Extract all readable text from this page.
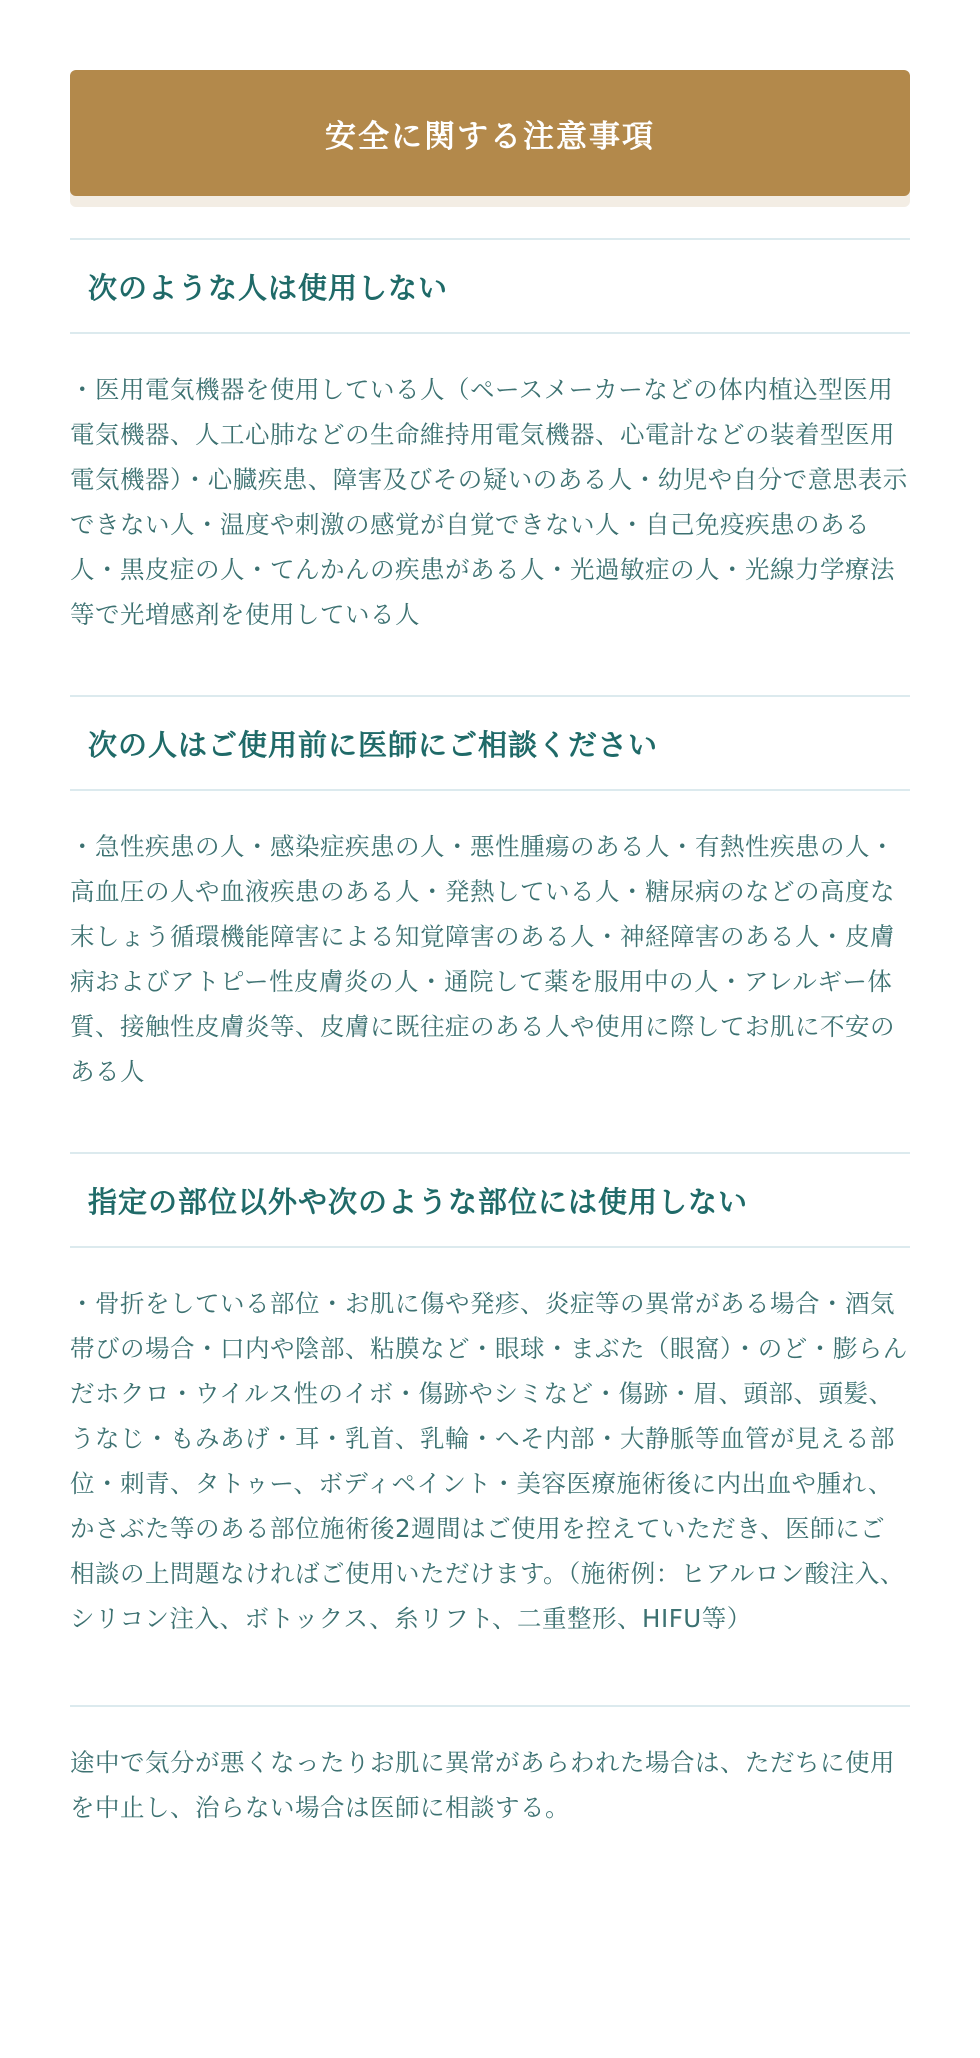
安全に関する注意事項
次のような人は使用しない
・医用電気機器を使用している人（ペースメーカーなどの体内植込型医用電気機器、人工心肺などの生命維持用電気機器、心電計などの装着型医用電気機器）・心臓疾患、障害及びその疑いのある人・幼児や自分で意思表示できない人・温度や刺激の感覚が自覚できない人・自己免疫疾患のある人・黒皮症の人・てんかんの疾患がある人・光過敏症の人・光線力学療法等で光増感剤を使用している人
次の人はご使用前に医師にご相談ください
・急性疾患の人・感染症疾患の人・悪性腫瘍のある人・有熱性疾患の人・高血圧の人や血液疾患のある人・発熱している人・糖尿病のなどの高度な末しょう循環機能障害による知覚障害のある人・神経障害のある人・皮膚病およびアトピー性皮膚炎の人・通院して薬を服用中の人・アレルギー体質、接触性皮膚炎等、皮膚に既往症のある人や使用に際してお肌に不安のある人
指定の部位以外や次のような部位には使用しない
・骨折をしている部位・お肌に傷や発疹、炎症等の異常がある場合・酒気帯びの場合・口内や陰部、粘膜など・眼球・まぶた（眼窩）・のど・膨らんだホクロ・ウイルス性のイボ・傷跡やシミなど・傷跡・眉、頭部、頭髪、うなじ・もみあげ・耳・乳首、乳輪・へそ内部・大静脈等血管が見える部位・刺青、タトゥー、ボディペイント・美容医療施術後に内出血や腫れ、かさぶた等のある部位施術後2週間はご使用を控えていただき、医師にご相談の上問題なければご使用いただけます。（施術例：ヒアルロン酸注入、シリコン注入、ボトックス、糸リフト、二重整形、HIFU等）
途中で気分が悪くなったりお肌に異常があらわれた場合は、ただちに使用を中止し、治らない場合は医師に相談する。
